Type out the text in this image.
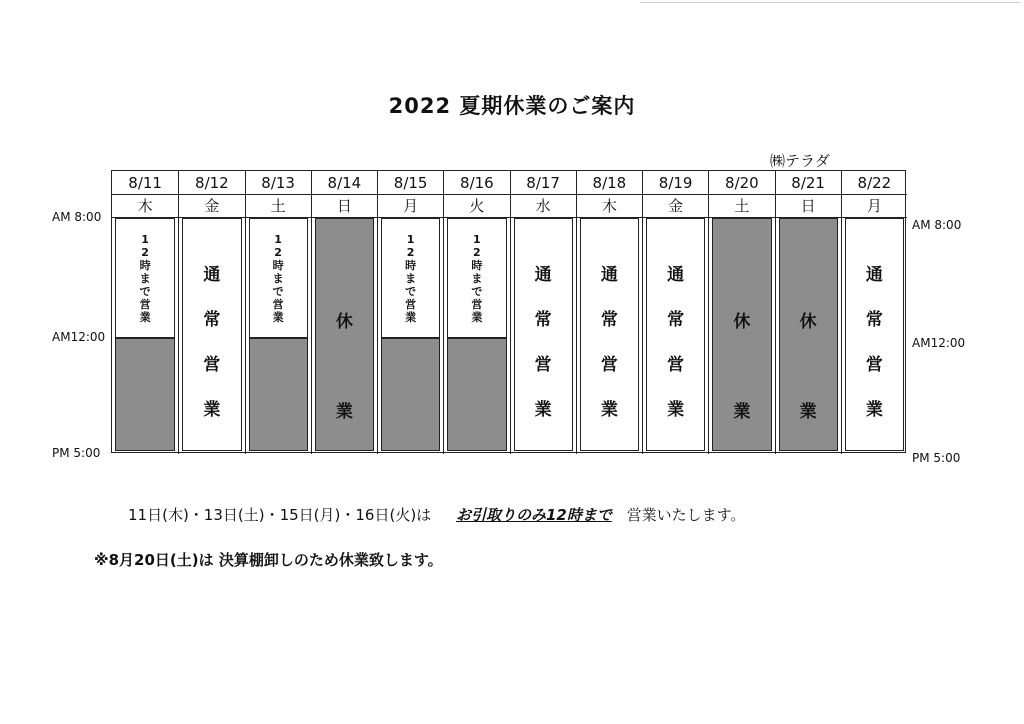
2022 夏期休業のご案内
㈱テラダ
AM 8:00
AM12:00
PM 5:00
AM 8:00
AM12:00
PM 5:00
8/11
木
12時まで営業
8/12
金
通常営業
8/13
土
12時まで営業
8/14
日
休業
8/15
月
12時まで営業
8/16
火
12時まで営業
8/17
水
通常営業
8/18
木
通常営業
8/19
金
通常営業
8/20
土
休業
8/21
日
休業
8/22
月
通常営業
11日(木)・13日(土)・15日(月)・16日(火)は お引取りのみ12時まで 営業いたします。
※8月20日(土)は 決算棚卸しのため休業致します。
